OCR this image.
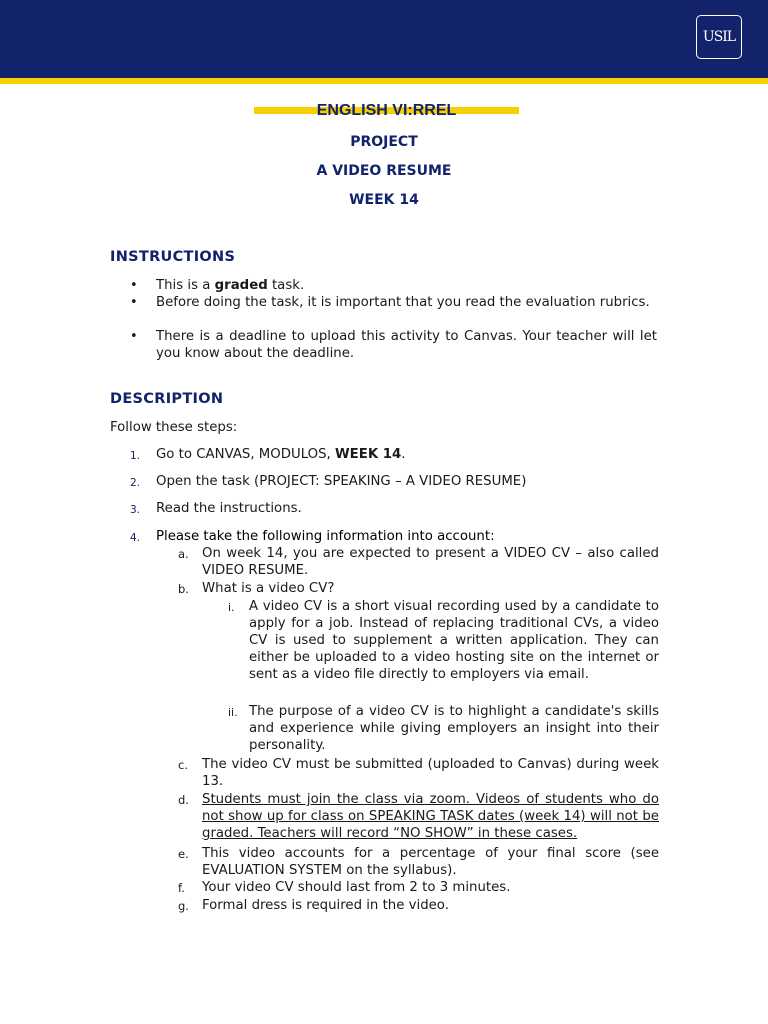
USIL
ENGLISH VI:RREL
PROJECT
A VIDEO RESUME
WEEK 14
INSTRUCTIONS
• This is a graded task.
• Before doing the task, it is important that you read the evaluation rubrics.
• There is a deadline to upload this activity to Canvas. Your teacher will let you know about the deadline.
DESCRIPTION
Follow these steps:
1. Go to CANVAS, MODULOS, WEEK 14.
2. Open the task (PROJECT: SPEAKING – A VIDEO RESUME)
3. Read the instructions.
4. Please take the following information into account:
a. On week 14, you are expected to present a VIDEO CV – also called VIDEO RESUME.
b. What is a video CV?
i.	A video CV is a short visual recording used by a candidate to apply for a job. Instead of replacing traditional CVs, a video CV is used to supplement a written application. They can either be uploaded to a video hosting site on the internet or sent as a video file directly to employers via email.
ii. The purpose of a video CV is to highlight a candidate's skills and experience while giving employers an insight into their personality.
c.	The video CV must be submitted (uploaded to Canvas) during week 13.
d. Students must join the class via zoom. Videos of students who do not show up for class on SPEAKING TASK dates (week 14) will not be graded. Teachers will record “NO SHOW” in these cases.
e. This video accounts for a percentage of your final score (see EVALUATION SYSTEM on the syllabus).
f.	Your video CV should last from 2 to 3 minutes.
g. Formal dress is required in the video.
